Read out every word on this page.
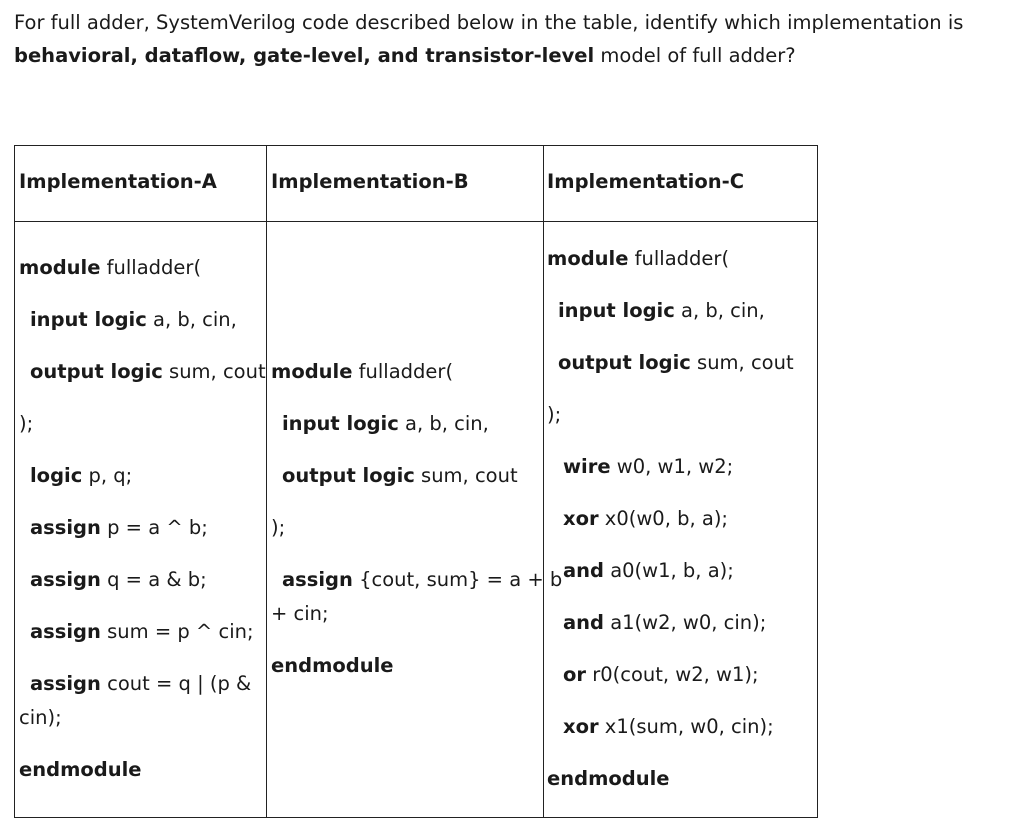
For full adder, SystemVerilog code described below in the table, identify which implementation is
behavioral, dataflow, gate-level, and transistor-level model of full adder?

Implementation-A	Implementation-B	Implementation-C
module fulladder(
input logic a, b, cin,
output logic sum, cout
);
logic p, q;
assign p = a ^ b;
assign q = a & b;
assign sum = p ^ cin;
assign cout = q | (p &
cin);
endmodule
module fulladder(
input logic a, b, cin,
output logic sum, cout
);
assign {cout, sum} = a + b
+ cin;
endmodule
module fulladder(
input logic a, b, cin,
output logic sum, cout
);
wire w0, w1, w2;
xor x0(w0, b, a);
and a0(w1, b, a);
and a1(w2, w0, cin);
or r0(cout, w2, w1);
xor x1(sum, w0, cin);
endmodule
